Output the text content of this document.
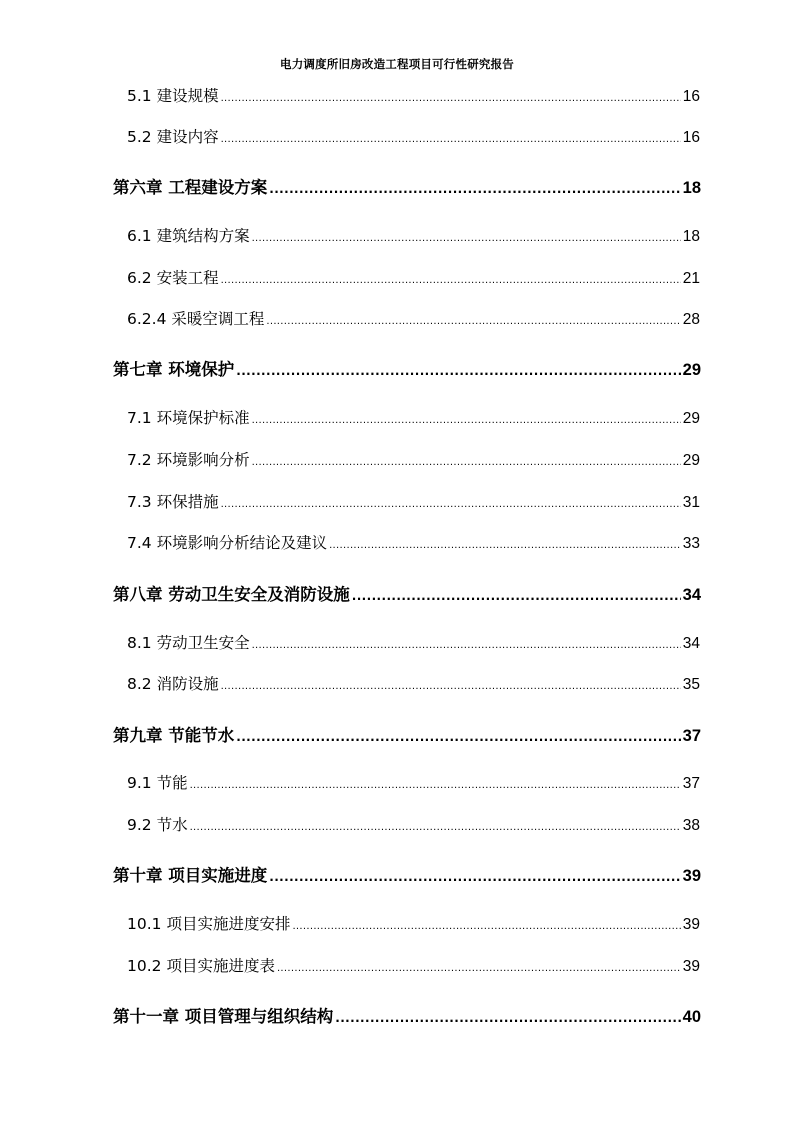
电力调度所旧房改造工程项目可行性研究报告
5.1 建设规模 .....	16
5.2 建设内容 .....	16
第六章 工程建设方案 .....	18
6.1 建筑结构方案 .....	18
6.2 安装工程 .....	21
6.2.4 采暖空调工程 .....	28
第七章 环境保护 .....	29
7.1 环境保护标准 .....	29
7.2 环境影响分析 .....	29
7.3 环保措施 .....	31
7.4 环境影响分析结论及建议 .....	33
第八章 劳动卫生安全及消防设施 .....	34
8.1 劳动卫生安全 .....	34
8.2 消防设施 .....	35
第九章 节能节水 .....	37
9.1 节能 .....	37
9.2 节水 .....	38
第十章 项目实施进度 .....	39
10.1 项目实施进度安排 .....	39
10.2 项目实施进度表 .....	39
第十一章 项目管理与组织结构 .....	40
